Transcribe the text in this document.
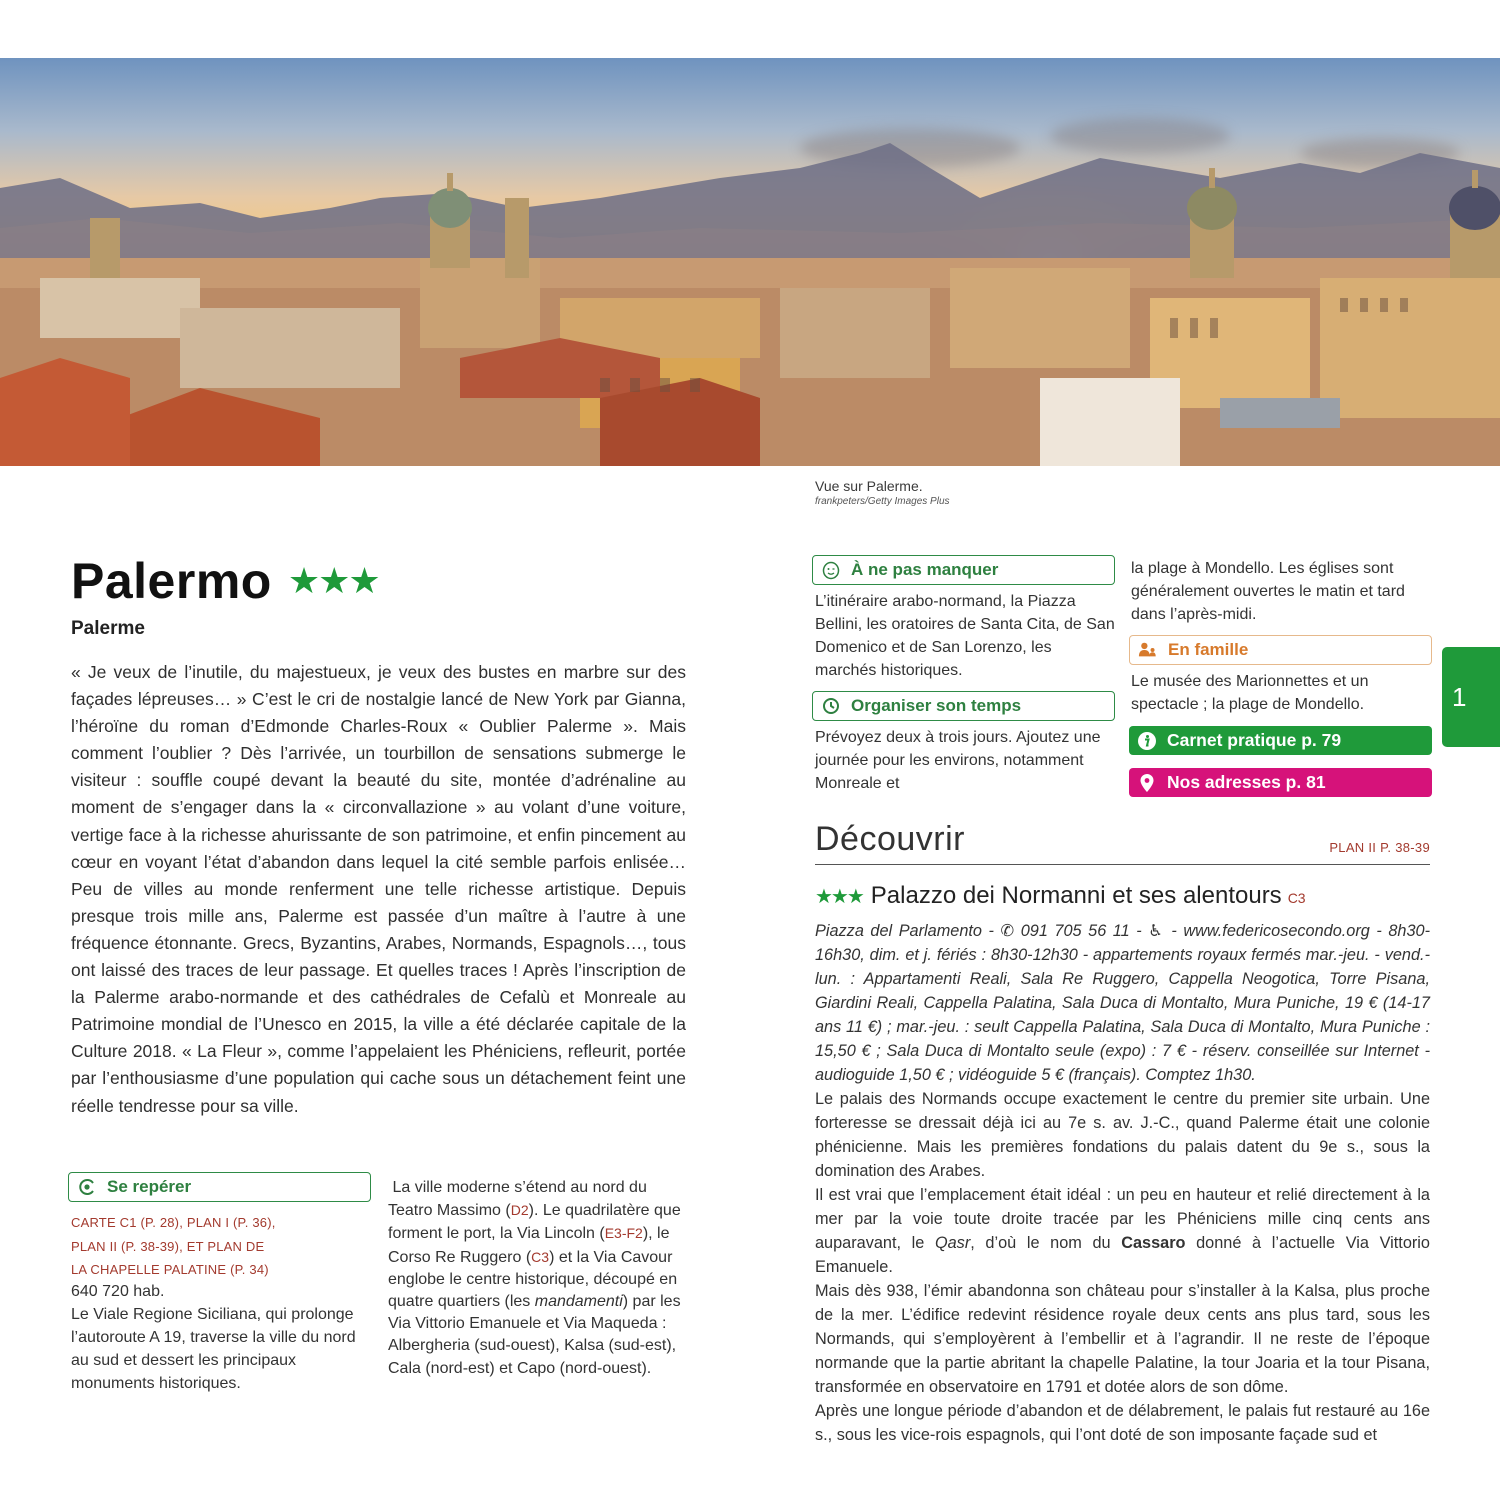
Vue sur Palerme.
frankpeters/Getty Images Plus
Palermo ★★★
Palerme
« Je veux de l’inutile, du majestueux, je veux des bustes en marbre sur des façades lépreuses… » C’est le cri de nostalgie lancé de New York par Gianna, l’héroïne du roman d’Edmonde Charles-Roux « Oublier Palerme ». Mais comment l’oublier ? Dès l’arrivée, un tourbillon de sensations submerge le visiteur : souffle coupé devant la beauté du site, montée d’adrénaline au moment de s’engager dans la « circonvallazione » au volant d’une voiture, vertige face à la richesse ahurissante de son patrimoine, et enfin pincement au cœur en voyant l’état d’abandon dans lequel la cité semble parfois enlisée… Peu de villes au monde renferment une telle richesse artistique. Depuis presque trois mille ans, Palerme est passée d’un maître à l’autre à une fréquence étonnante. Grecs, Byzantins, Arabes, Normands, Espagnols…, tous ont laissé des traces de leur passage. Et quelles traces ! Après l’inscription de la Palerme arabo-normande et des cathédrales de Cefalù et Monreale au Patrimoine mondial de l’Unesco en 2015, la ville a été déclarée capitale de la Culture 2018. « La Fleur », comme l’appelaient les Phéniciens, refleurit, portée par l’enthousiasme d’une population qui cache sous un détachement feint une réelle tendresse pour sa ville.
Se repérer
CARTE C1 (P. 28), PLAN I (P. 36),
PLAN II (P. 38-39), ET PLAN DE
LA CHAPELLE PALATINE (P. 34)
640 720 hab.
Le Viale Regione Siciliana, qui prolonge l’autoroute A 19, traverse la ville du nord au sud et dessert les principaux monuments historiques.
La ville moderne s’étend au nord du Teatro Massimo (D2). Le quadrilatère que forment le port, la Via Lincoln (E3-F2), le Corso Re Ruggero (C3) et la Via Cavour englobe le centre historique, découpé en quatre quartiers (les mandamenti) par les Via Vittorio Emanuele et Via Maqueda : Albergheria (sud-ouest), Kalsa (sud-est), Cala (nord-est) et Capo (nord-ouest).
À ne pas manquer
L’itinéraire arabo-normand, la Piazza Bellini, les oratoires de Santa Cita, de San Domenico et de San Lorenzo, les marchés historiques.
Organiser son temps
Prévoyez deux à trois jours. Ajoutez une journée pour les environs, notamment Monreale et
la plage à Mondello. Les églises sont généralement ouvertes le matin et tard dans l’après-midi.
En famille
Le musée des Marionnettes et un spectacle ; la plage de Mondello.
Carnet pratique p. 79
Nos adresses p. 81
1
Découvrir	PLAN II P. 38-39
★★★ Palazzo dei Normanni et ses alentours C3
Piazza del Parlamento - ✆ 091 705 56 11 - ♿ - www.federicosecondo.org - 8h30-16h30, dim. et j. fériés : 8h30-12h30 - appartements royaux fermés mar.-jeu. - vend.-lun. : Appartamenti Reali, Sala Re Ruggero, Cappella Neogotica, Torre Pisana, Giardini Reali, Cappella Palatina, Sala Duca di Montalto, Mura Puniche, 19 € (14-17 ans 11 €) ; mar.-jeu. : seult Cappella Palatina, Sala Duca di Montalto, Mura Puniche : 15,50 € ; Sala Duca di Montalto seule (expo) : 7 € - réserv. conseillée sur Internet - audioguide 1,50 € ; vidéoguide 5 € (français). Comptez 1h30.

Le palais des Normands occupe exactement le centre du premier site urbain. Une forteresse se dressait déjà ici au 7e s. av. J.-C., quand Palerme était une colonie phénicienne. Mais les premières fondations du palais datent du 9e s., sous la domination des Arabes.

Il est vrai que l’emplacement était idéal : un peu en hauteur et relié directement à la mer par la voie toute droite tracée par les Phéniciens mille cinq cents ans auparavant, le Qasr, d’où le nom du Cassaro donné à l’actuelle Via Vittorio Emanuele.

Mais dès 938, l’émir abandonna son château pour s’installer à la Kalsa, plus proche de la mer. L’édifice redevint résidence royale deux cents ans plus tard, sous les Normands, qui s’employèrent à l’embellir et à l’agrandir. Il ne reste de l’époque normande que la partie abritant la chapelle Palatine, la tour Joaria et la tour Pisana, transformée en observatoire en 1791 et dotée alors de son dôme.

Après une longue période d’abandon et de délabrement, le palais fut restauré au 16e s., sous les vice-rois espagnols, qui l’ont doté de son imposante façade sud et
